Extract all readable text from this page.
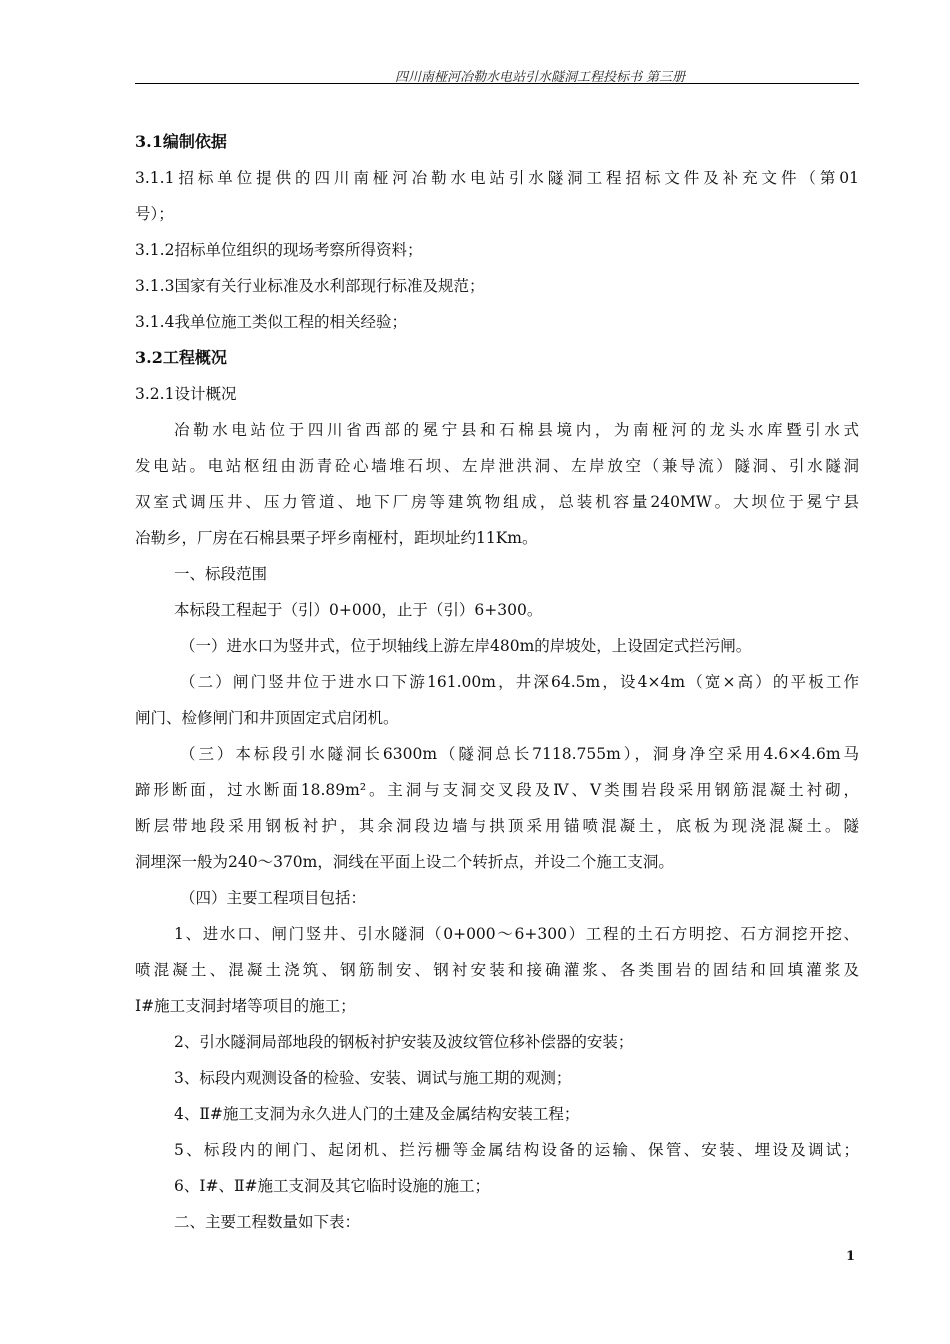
四川南桠河冶勒水电站引水隧洞工程投标书 第三册
3.1编制依据
3.1.1招标单位提供的四川南桠河冶勒水电站引水隧洞工程招标文件及补充文件（第01
号）；
3.1.2招标单位组织的现场考察所得资料；
3.1.3国家有关行业标准及水利部现行标准及规范；
3.1.4我单位施工类似工程的相关经验；
3.2工程概况
3.2.1设计概况
冶勒水电站位于四川省西部的冕宁县和石棉县境内，为南桠河的龙头水库暨引水式
发电站。电站枢纽由沥青砼心墙堆石坝、左岸泄洪洞、左岸放空（兼导流）隧洞、引水隧洞
双室式调压井、压力管道、地下厂房等建筑物组成，总装机容量240MW。大坝位于冕宁县
冶勒乡，厂房在石棉县栗子坪乡南桠村，距坝址约11Km。
一、标段范围
本标段工程起于（引）0+000，止于（引）6+300。
（一）进水口为竖井式，位于坝轴线上游左岸480m的岸坡处，上设固定式拦污闸。
（二）闸门竖井位于进水口下游161.00m，井深64.5m，设4×4m（宽×高）的平板工作
闸门、检修闸门和井顶固定式启闭机。
（三）本标段引水隧洞长6300m（隧洞总长7118.755m），洞身净空采用4.6×4.6m马
蹄形断面，过水断面18.89m²。主洞与支洞交叉段及Ⅳ、Ⅴ类围岩段采用钢筋混凝土衬砌，
断层带地段采用钢板衬护，其余洞段边墙与拱顶采用锚喷混凝土，底板为现浇混凝土。隧
洞埋深一般为240～370m，洞线在平面上设二个转折点，并设二个施工支洞。
（四）主要工程项目包括：
1、进水口、闸门竖井、引水隧洞（0+000～6+300）工程的土石方明挖、石方洞挖开挖、
喷混凝土、混凝土浇筑、钢筋制安、钢衬安装和接确灌浆、各类围岩的固结和回填灌浆及
Ⅰ#施工支洞封堵等项目的施工；
2、引水隧洞局部地段的钢板衬护安装及波纹管位移补偿器的安装；
3、标段内观测设备的检验、安装、调试与施工期的观测；
4、Ⅱ#施工支洞为永久进人门的土建及金属结构安装工程；
5、标段内的闸门、起闭机、拦污栅等金属结构设备的运输、保管、安装、埋设及调试；
6、Ⅰ#、Ⅱ#施工支洞及其它临时设施的施工；
二、主要工程数量如下表：
1
